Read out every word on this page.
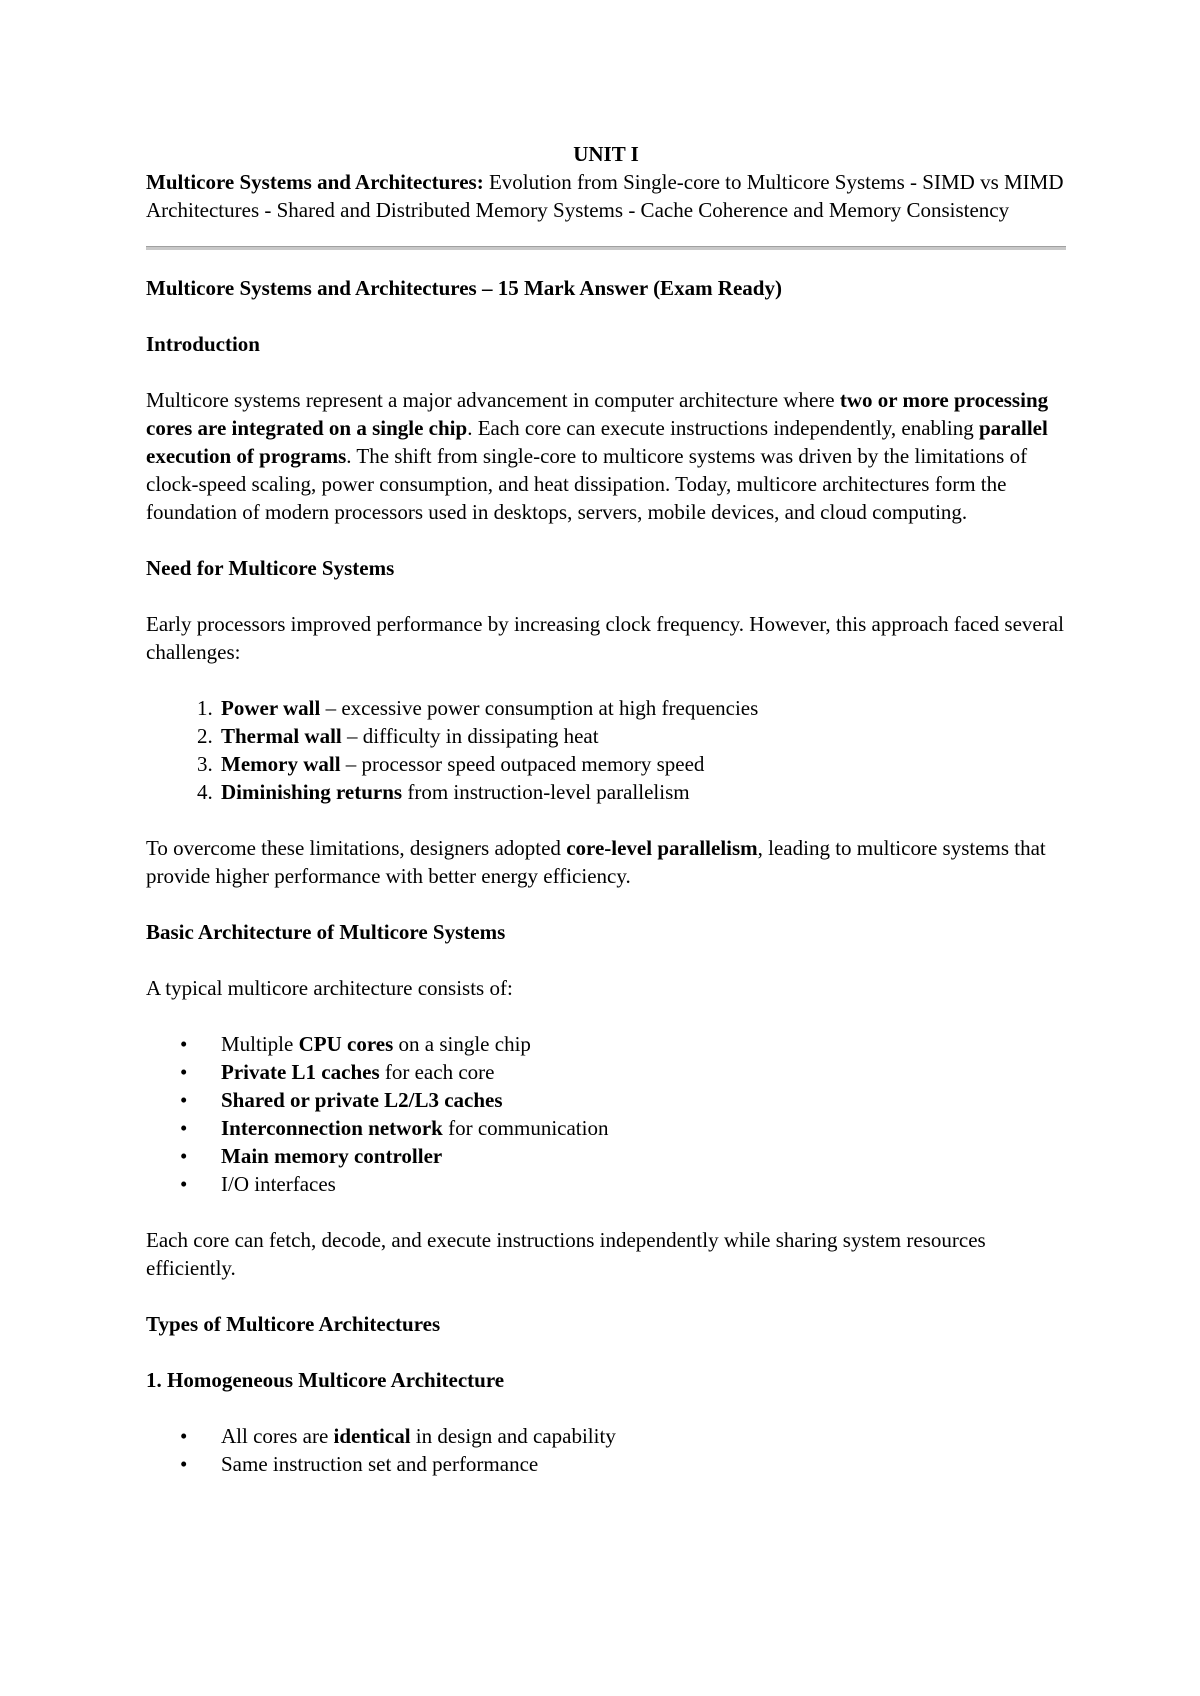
UNIT I

Multicore Systems and Architectures: Evolution from Single-core to Multicore Systems - SIMD vs MIMD Architectures - Shared and Distributed Memory Systems - Cache Coherence and Memory Consistency

Multicore Systems and Architectures – 15 Mark Answer (Exam Ready)

Introduction

Multicore systems represent a major advancement in computer architecture where two or more processing cores are integrated on a single chip. Each core can execute instructions independently, enabling parallel execution of programs. The shift from single-core to multicore systems was driven by the limitations of clock-speed scaling, power consumption, and heat dissipation. Today, multicore architectures form the foundation of modern processors used in desktops, servers, mobile devices, and cloud computing.

Need for Multicore Systems

Early processors improved performance by increasing clock frequency. However, this approach faced several challenges:

1. Power wall – excessive power consumption at high frequencies
2. Thermal wall – difficulty in dissipating heat
3. Memory wall – processor speed outpaced memory speed
4. Diminishing returns from instruction-level parallelism

To overcome these limitations, designers adopted core-level parallelism, leading to multicore systems that provide higher performance with better energy efficiency.

Basic Architecture of Multicore Systems

A typical multicore architecture consists of:

• Multiple CPU cores on a single chip
• Private L1 caches for each core
• Shared or private L2/L3 caches
• Interconnection network for communication
• Main memory controller
• I/O interfaces

Each core can fetch, decode, and execute instructions independently while sharing system resources efficiently.

Types of Multicore Architectures

1. Homogeneous Multicore Architecture

• All cores are identical in design and capability
• Same instruction set and performance
